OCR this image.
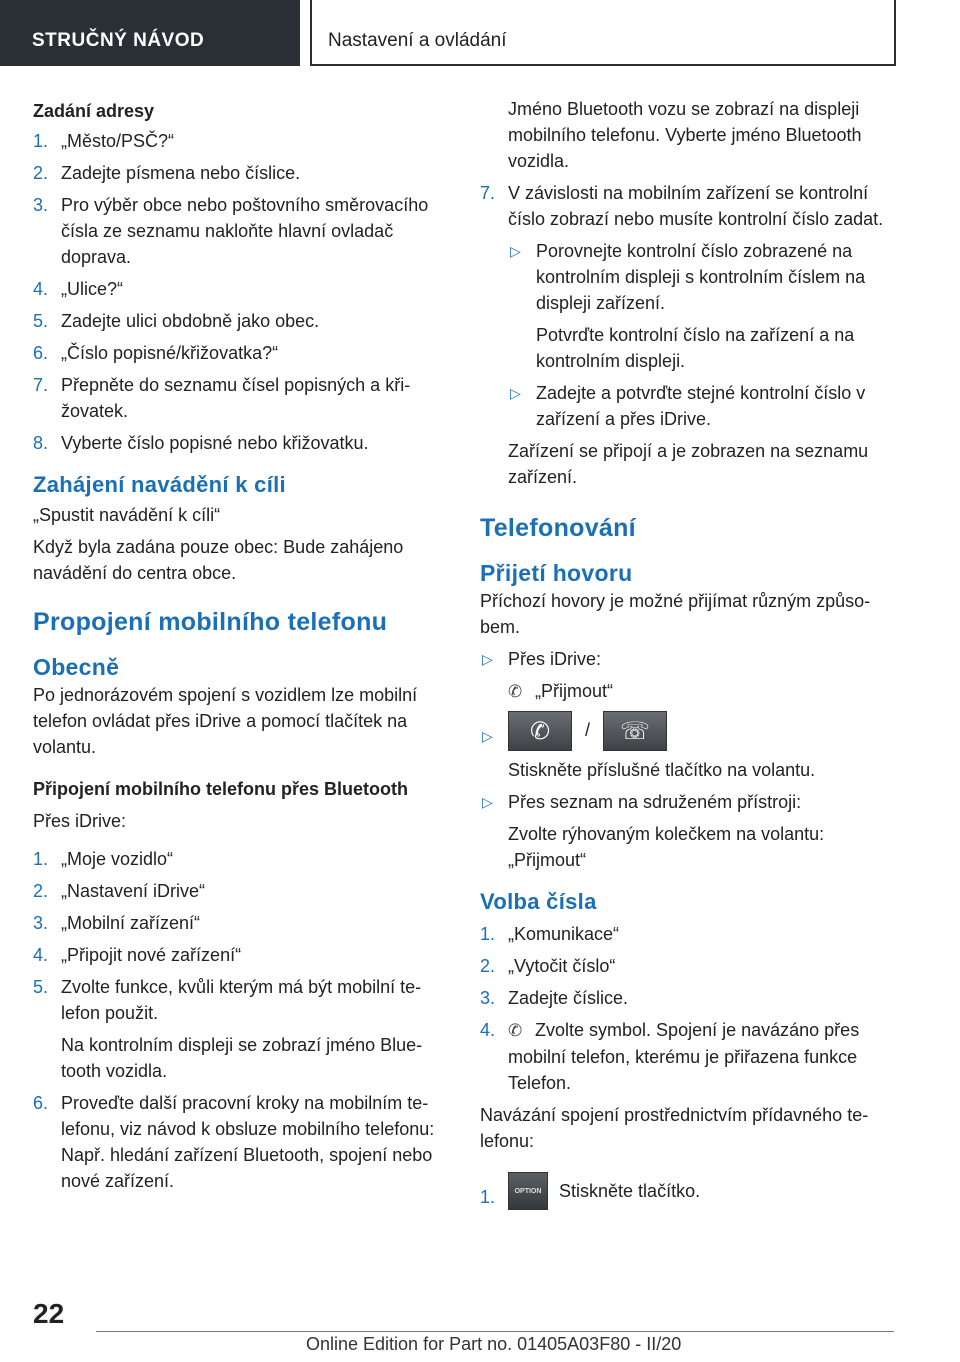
STRUČNÝ NÁVOD	Nastavení a ovládání
Zadání adresy
1. „Město/PSČ?“
2. Zadejte písmena nebo číslice.
3. Pro výběr obce nebo poštovního směrovacího čísla ze seznamu nakloňte hlavní ovladač doprava.
4. „Ulice?“
5. Zadejte ulici obdobně jako obec.
6. „Číslo popisné/křižovatka?“
7. Přepněte do seznamu čísel popisných a křižovatek.
8. Vyberte číslo popisné nebo křižovatku.
Zahájení navádění k cíli

„Spustit navádění k cíli“

Když byla zadána pouze obec: Bude zahájeno navádění do centra obce.

Propojení mobilního telefonu
Obecně

Po jednorázovém spojení s vozidlem lze mobilní telefon ovládat přes iDrive a pomocí tlačítek na volantu.

Připojení mobilního telefonu přes Bluetooth

Přes iDrive:

1. „Moje vozidlo“
2. „Nastavení iDrive“
3. „Mobilní zařízení“
4. „Připojit nové zařízení“
5. Zvolte funkce, kvůli kterým má být mobilní telefon použit.
Na kontrolním displeji se zobrazí jméno Bluetooth vozidla.
6. Proveďte další pracovní kroky na mobilním telefonu, viz návod k obsluze mobilního telefonu: Např. hledání zařízení Bluetooth, spojení nebo nové zařízení.
Jméno Bluetooth vozu se zobrazí na displeji mobilního telefonu. Vyberte jméno Bluetooth vozidla.
7. V závislosti na mobilním zařízení se kontrolní číslo zobrazí nebo musíte kontrolní číslo zadat.
▷ Porovnejte kontrolní číslo zobrazené na kontrolním displeji s kontrolním číslem na displeji zařízení.
Potvrďte kontrolní číslo na zařízení a na kontrolním displeji.
▷ Zadejte a potvrďte stejné kontrolní číslo v zařízení a přes iDrive.
Zařízení se připojí a je zobrazen na seznamu zařízení.
Telefonování
Přijetí hovoru

Příchozí hovory je možné přijímat různým způsobem.

▷ Přes iDrive:
✆ „Přijmout“
▷ ✆ / ☏
Stiskněte příslušné tlačítko na volantu.
▷ Přes seznam na sdruženém přístroji:
Zvolte rýhovaným kolečkem na volantu: „Přijmout“
Volba čísla
1. „Komunikace“
2. „Vytočit číslo“
3. Zadejte číslice.
4. ✆ Zvolte symbol. Spojení je navázáno přes mobilní telefon, kterému je přiřazena funkce Telefon.

Navázání spojení prostřednictvím přídavného telefonu:

1.	OPTION Stiskněte tlačítko.
22
Online Edition for Part no. 01405A03F80 - II/20
